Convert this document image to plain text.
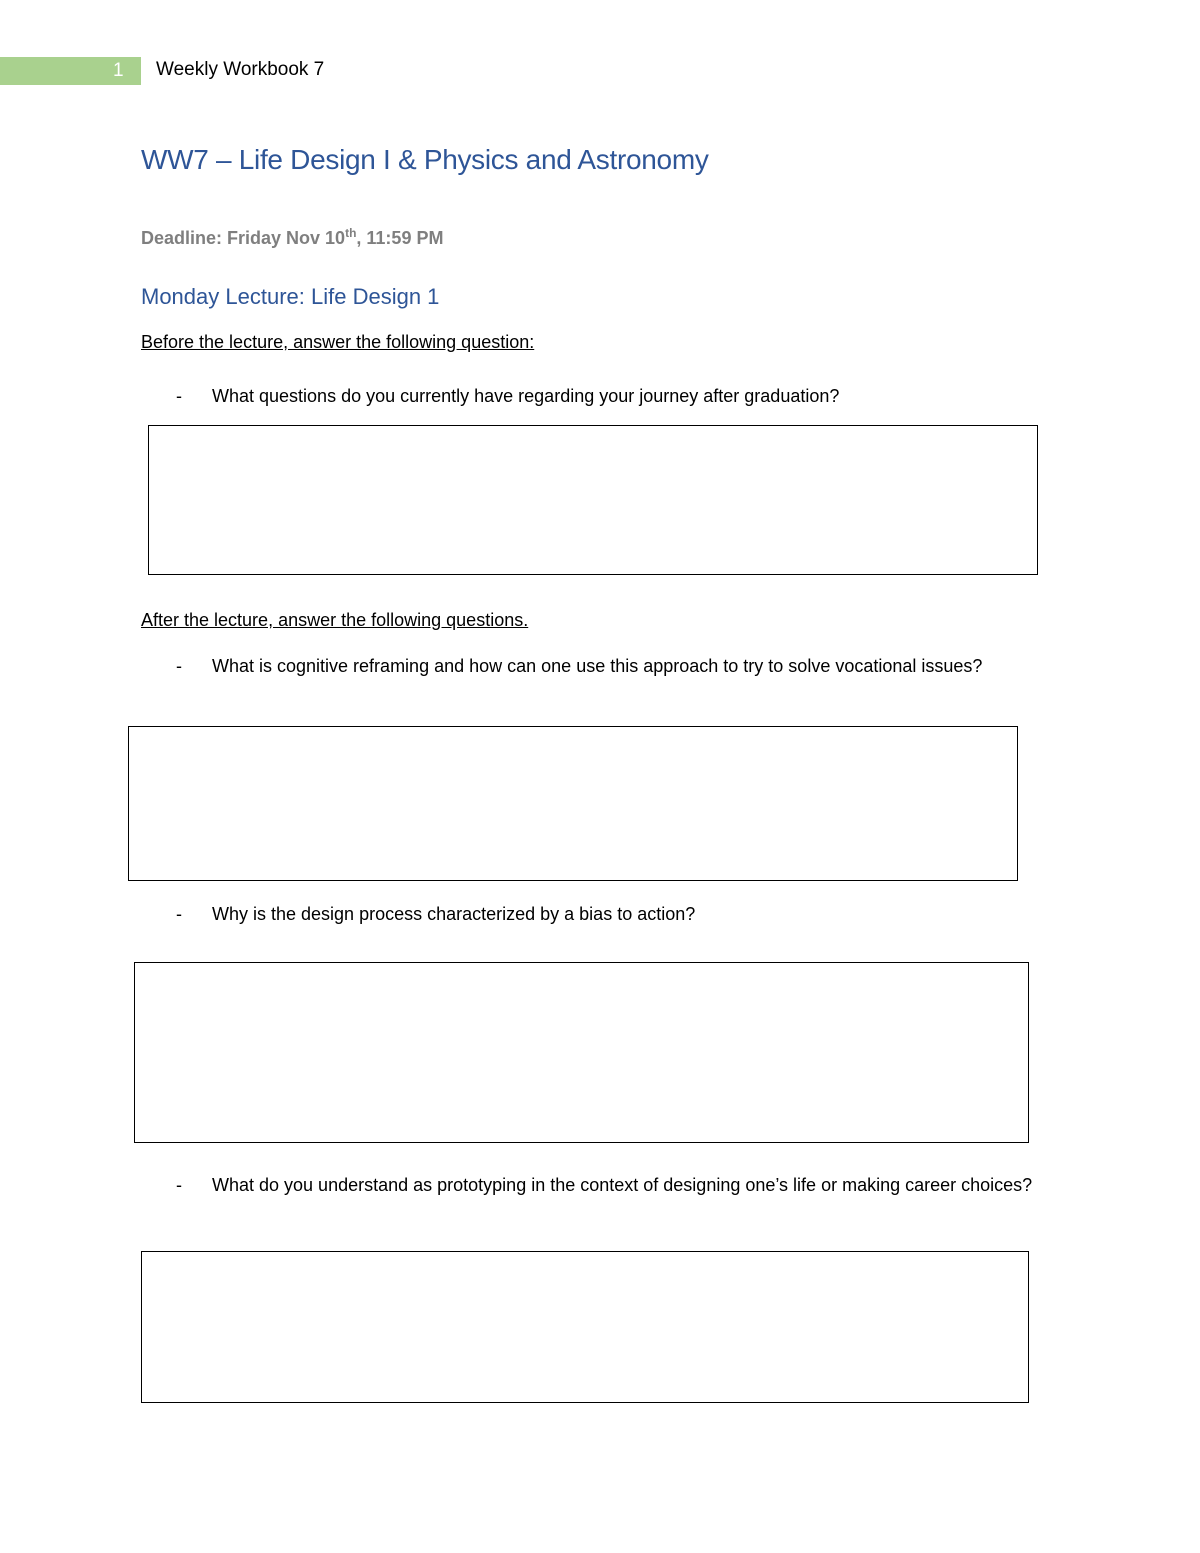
1 Weekly Workbook 7
WW7 – Life Design I & Physics and Astronomy
Deadline: Friday Nov 10th, 11:59 PM
Monday Lecture: Life Design 1
Before the lecture, answer the following question:
- What questions do you currently have regarding your journey after graduation?
After the lecture, answer the following questions.
- What is cognitive reframing and how can one use this approach to try to solve vocational issues?
- Why is the design process characterized by a bias to action?
- What do you understand as prototyping in the context of designing one’s life or making career choices?
